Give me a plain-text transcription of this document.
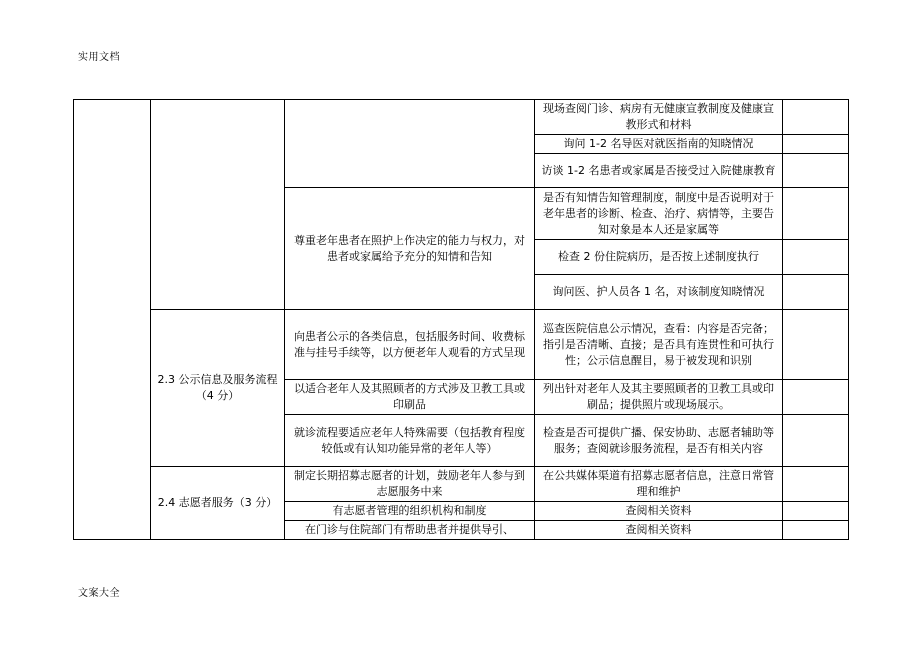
实用文档
			现场查阅门诊、病房有无健康宣教制度及健康宣教形式和材料	
			询问 1-2 名导医对就医指南的知晓情况	
			访谈 1-2 名患者或家属是否接受过入院健康教育	
		尊重老年患者在照护上作决定的能力与权力，对患者或家属给予充分的知情和告知	是否有知情告知管理制度，制度中是否说明对于老年患者的诊断、检查、治疗、病情等，主要告知对象是本人还是家属等	
			检查 2 份住院病历，是否按上述制度执行	
			询问医、护人员各 1 名，对该制度知晓情况	
	2.3 公示信息及服务流程（4 分）	向患者公示的各类信息，包括服务时间、收费标准与挂号手续等，以方便老年人观看的方式呈现	巡查医院信息公示情况，查看：内容是否完备；指引是否清晰、直接；是否具有连贯性和可执行性；公示信息醒目，易于被发现和识别	
		以适合老年人及其照顾者的方式涉及卫教工具或印刷品	列出针对老年人及其主要照顾者的卫教工具或印刷品；提供照片或现场展示。	
		就诊流程要适应老年人特殊需要（包括教育程度较低或有认知功能异常的老年人等）	检查是否可提供广播、保安协助、志愿者辅助等服务；查阅就诊服务流程，是否有相关内容	
	2.4 志愿者服务（3 分）	制定长期招募志愿者的计划，鼓励老年人参与到志愿服务中来	在公共媒体渠道有招募志愿者信息，注意日常管理和维护	
		有志愿者管理的组织机构和制度	查阅相关资料	
		在门诊与住院部门有帮助患者并提供导引、	查阅相关资料	
文案大全
